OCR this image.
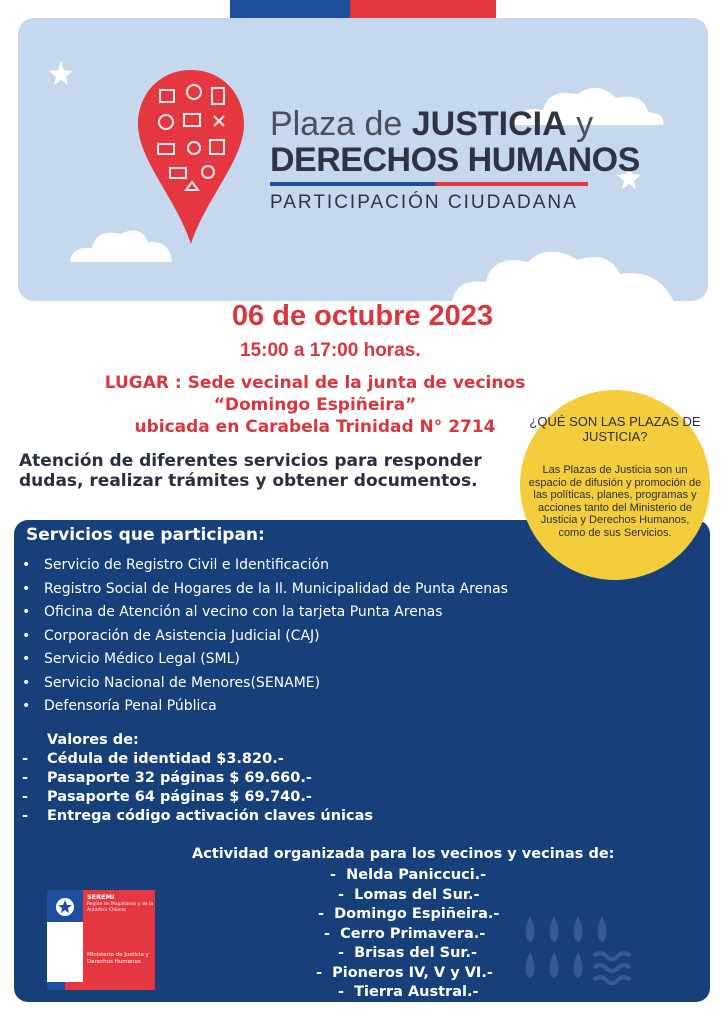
Plaza de JUSTICIA y
DERECHOS HUMANOS
PARTICIPACIÓN CIUDADANA
06 de octubre 2023
15:00 a 17:00 horas.
LUGAR : Sede vecinal de la junta de vecinos
“Domingo Espiñeira”
ubicada en Carabela Trinidad N° 2714
Atención de diferentes servicios para responder dudas, realizar trámites y obtener documentos.
¿QUÉ SON LAS PLAZAS DE JUSTICIA?
Las Plazas de Justicia son un espacio de difusión y promoción de las políticas, planes, programas y acciones tanto del Ministerio de Justicia y Derechos Humanos, como de sus Servicios.
Servicios que participan:
• Servicio de Registro Civil e Identificación
• Registro Social de Hogares de la Il. Municipalidad de Punta Arenas
• Oficina de Atención al vecino con la tarjeta Punta Arenas
• Corporación de Asistencia Judicial (CAJ)
• Servicio Médico Legal (SML)
• Servicio Nacional de Menores(SENAME)
• Defensoría Penal Pública
Valores de:
-	Cédula de identidad $3.820.-
-	Pasaporte 32 páginas $ 69.660.-
-	Pasaporte 64 páginas $ 69.740.-
-	Entrega código activación claves únicas
Actividad organizada para los vecinos y vecinas de:
-  Nelda Paniccuci.-
-  Lomas del Sur.-
-  Domingo Espiñeira.-
-  Cerro Primavera.-
-  Brisas del Sur.-
-  Pioneros IV, V y VI.-
-  Tierra Austral.-
SEREMI
Región de Magallanes y de la Antártica Chilena
Ministerio de Justicia y Derechos Humanos
